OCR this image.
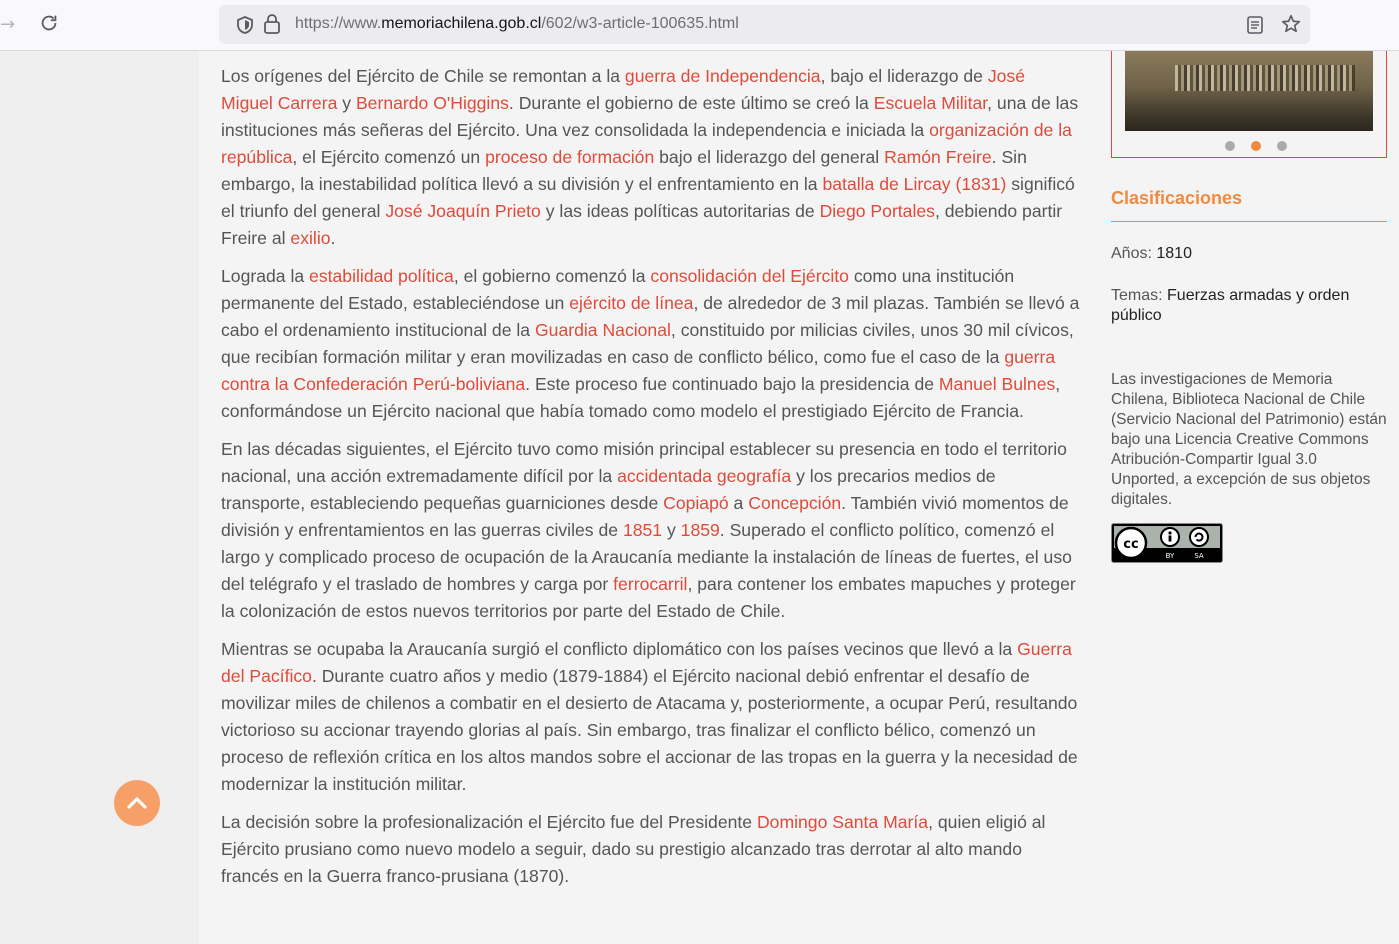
→	https://www.memoriachilena.gob.cl/602/w3-article-100635.html

Los orígenes del Ejército de Chile se remontan a la guerra de Independencia, bajo el liderazgo de José Miguel Carrera y Bernardo O'Higgins. Durante el gobierno de este último se creó la Escuela Militar, una de las instituciones más señeras del Ejército. Una vez consolidada la independencia e iniciada la organización de la república, el Ejército comenzó un proceso de formación bajo el liderazgo del general Ramón Freire. Sin embargo, la inestabilidad política llevó a su división y el enfrentamiento en la batalla de Lircay (1831) significó el triunfo del general José Joaquín Prieto y las ideas políticas autoritarias de Diego Portales, debiendo partir Freire al exilio.

Lograda la estabilidad política, el gobierno comenzó la consolidación del Ejército como una institución permanente del Estado, estableciéndose un ejército de línea, de alrededor de 3 mil plazas. También se llevó a cabo el ordenamiento institucional de la Guardia Nacional, constituido por milicias civiles, unos 30 mil cívicos, que recibían formación militar y eran movilizadas en caso de conflicto bélico, como fue el caso de la guerra contra la Confederación Perú-boliviana. Este proceso fue continuado bajo la presidencia de Manuel Bulnes, conformándose un Ejército nacional que había tomado como modelo el prestigiado Ejército de Francia.

En las décadas siguientes, el Ejército tuvo como misión principal establecer su presencia en todo el territorio nacional, una acción extremadamente difícil por la accidentada geografía y los precarios medios de transporte, estableciendo pequeñas guarniciones desde Copiapó a Concepción. También vivió momentos de división y enfrentamientos en las guerras civiles de 1851 y 1859. Superado el conflicto político, comenzó el largo y complicado proceso de ocupación de la Araucanía mediante la instalación de líneas de fuertes, el uso del telégrafo y el traslado de hombres y carga por ferrocarril, para contener los embates mapuches y proteger la colonización de estos nuevos territorios por parte del Estado de Chile.

Mientras se ocupaba la Araucanía surgió el conflicto diplomático con los países vecinos que llevó a la Guerra del Pacífico. Durante cuatro años y medio (1879-1884) el Ejército nacional debió enfrentar el desafío de movilizar miles de chilenos a combatir en el desierto de Atacama y, posteriormente, a ocupar Perú, resultando victorioso su accionar trayendo glorias al país. Sin embargo, tras finalizar el conflicto bélico, comenzó un proceso de reflexión crítica en los altos mandos sobre el accionar de las tropas en la guerra y la necesidad de modernizar la institución militar.

La decisión sobre la profesionalización el Ejército fue del Presidente Domingo Santa María, quien eligió al Ejército prusiano como nuevo modelo a seguir, dado su prestigio alcanzado tras derrotar al alto mando francés en la Guerra franco-prusiana (1870).

Clasificaciones
Años: 1810
Temas: Fuerzas armadas y orden público
Las investigaciones de Memoria Chilena, Biblioteca Nacional de Chile (Servicio Nacional del Patrimonio) están bajo una Licencia Creative Commons Atribución-Compartir Igual 3.0 Unported, a excepción de sus objetos digitales.
cc
BY	SA
